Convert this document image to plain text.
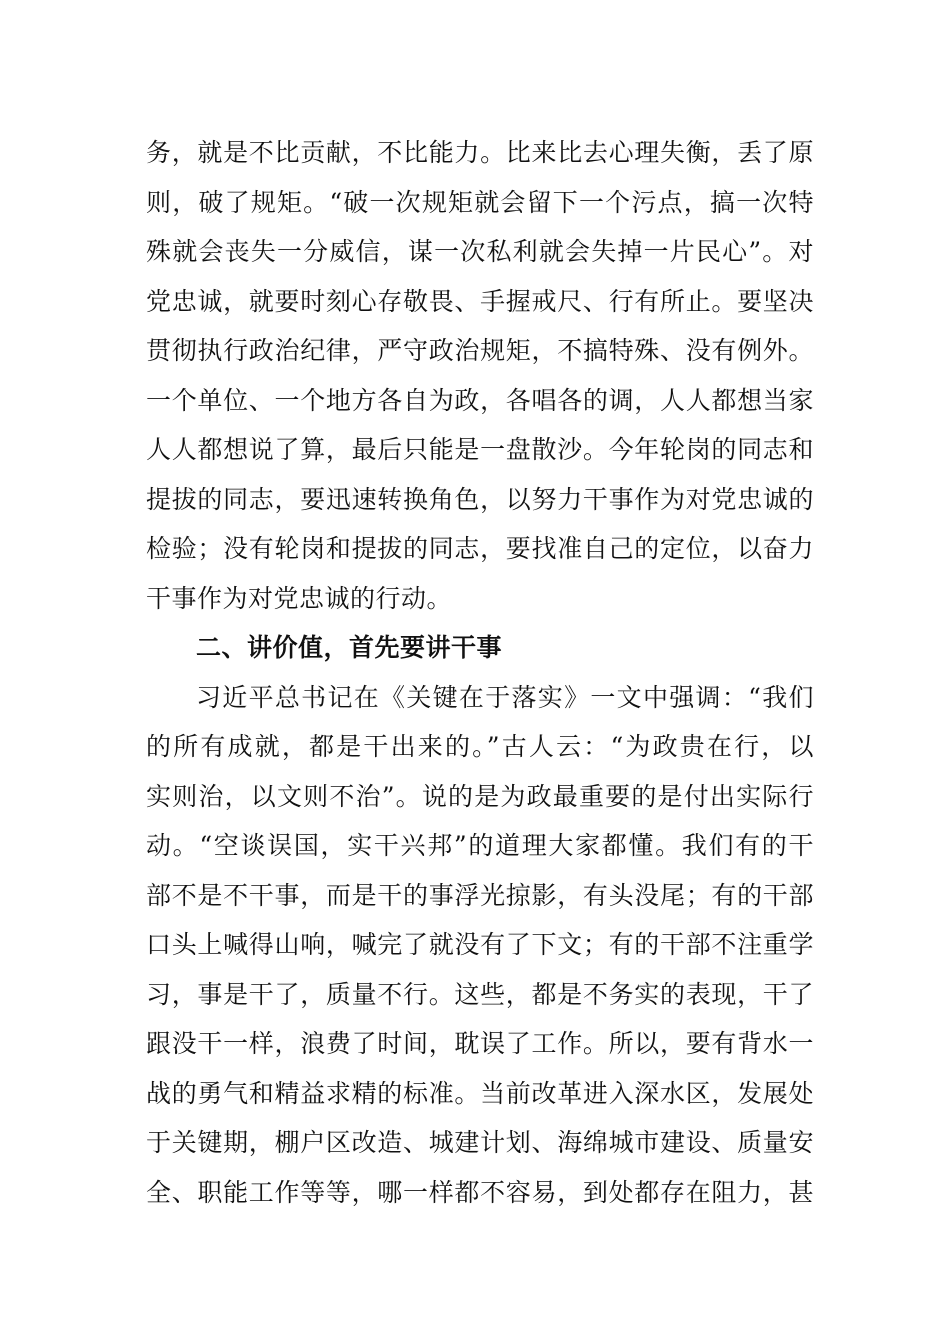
务，就是不比贡献，不比能力。比来比去心理失衡，丢了原
则，破了规矩。“破一次规矩就会留下一个污点，搞一次特
殊就会丧失一分威信，谋一次私利就会失掉一片民心”。对
党忠诚，就要时刻心存敬畏、手握戒尺、行有所止。要坚决
贯彻执行政治纪律，严守政治规矩，不搞特殊、没有例外。
一个单位、一个地方各自为政，各唱各的调，人人都想当家
人人都想说了算，最后只能是一盘散沙。今年轮岗的同志和
提拔的同志，要迅速转换角色，以努力干事作为对党忠诚的
检验；没有轮岗和提拔的同志，要找准自己的定位，以奋力
干事作为对党忠诚的行动。
二、讲价值，首先要讲干事
习近平总书记在《关键在于落实》一文中强调：“我们
的所有成就，都是干出来的。”古人云：“为政贵在行，以
实则治，以文则不治”。说的是为政最重要的是付出实际行
动。“空谈误国，实干兴邦”的道理大家都懂。我们有的干
部不是不干事，而是干的事浮光掠影，有头没尾；有的干部
口头上喊得山响，喊完了就没有了下文；有的干部不注重学
习，事是干了，质量不行。这些，都是不务实的表现，干了
跟没干一样，浪费了时间，耽误了工作。所以，要有背水一
战的勇气和精益求精的标准。当前改革进入深水区，发展处
于关键期，棚户区改造、城建计划、海绵城市建设、质量安
全、职能工作等等，哪一样都不容易，到处都存在阻力，甚
